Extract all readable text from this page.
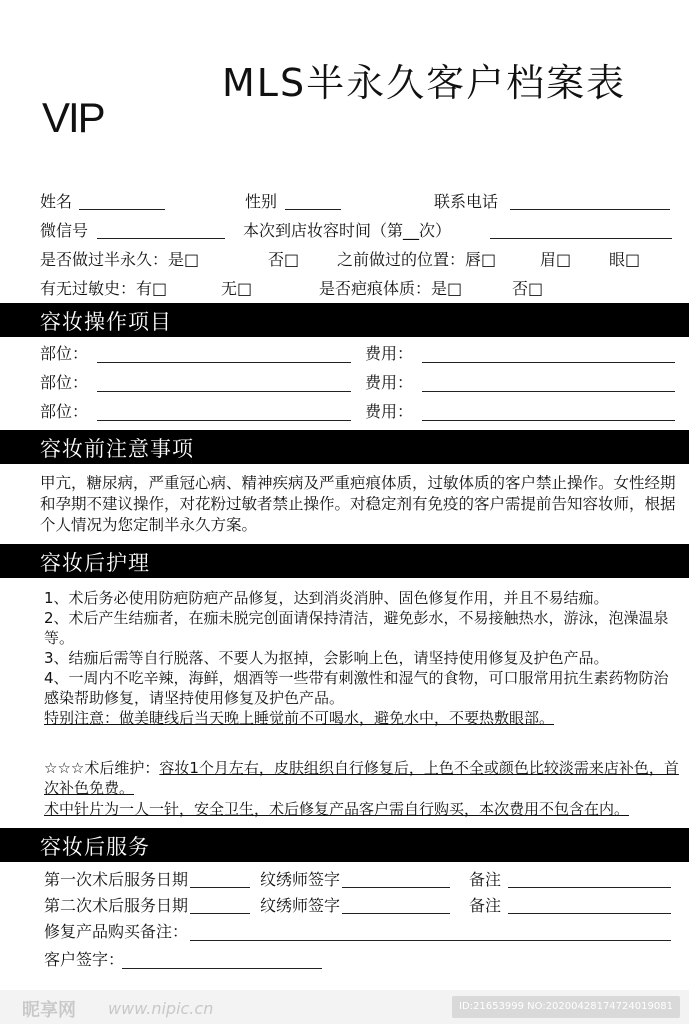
MLS半永久客户档案表
VIP
姓名	性别	联系电话
微信号	本次到店妆容时间（第__次）
是否做过半永久：是□	否□ 之前做过的位置：唇□	眉□ 眼□
有无过敏史：有□	无□	是否疤痕体质：是□	否□
容妆操作项目
部位：	费用：
部位：	费用：
部位：	费用：
容妆前注意事项
甲亢，糖尿病，严重冠心病、精神疾病及严重疤痕体质，过敏体质的客户禁止操作。女性经期和孕期不建议操作，对花粉过敏者禁止操作。对稳定剂有免疫的客户需提前告知容妆师，根据个人情况为您定制半永久方案。
容妆后护理
1、术后务必使用防疤防疤产品修复，达到消炎消肿、固色修复作用，并且不易结痂。
2、术后产生结痂者，在痂未脱完创面请保持清洁，避免彭水，不易接触热水，游泳，泡澡温泉等。
3、结痂后需等自行脱落、不要人为抠掉，会影响上色，请坚持使用修复及护色产品。
4、一周内不吃辛辣，海鲜，烟酒等一些带有刺激性和湿气的食物，可口服常用抗生素药物防治感染帮助修复，请坚持使用修复及护色产品。
特别注意：做美睫线后当天晚上睡觉前不可喝水，避免水中，不要热敷眼部。
☆☆☆术后维护：容妆1个月左右，皮肤组织自行修复后，上色不全或颜色比较淡需来店补色，首次补色免费。
术中针片为一人一针，安全卫生，术后修复产品客户需自行购买，本次费用不包含在内。
容妆后服务
第一次术后服务日期	纹绣师签字	备注
第二次术后服务日期	纹绣师签字	备注
修复产品购买备注：
客户签字：
昵享网 www.nipic.cn	ID:21653999 NO:20200428174724019081
